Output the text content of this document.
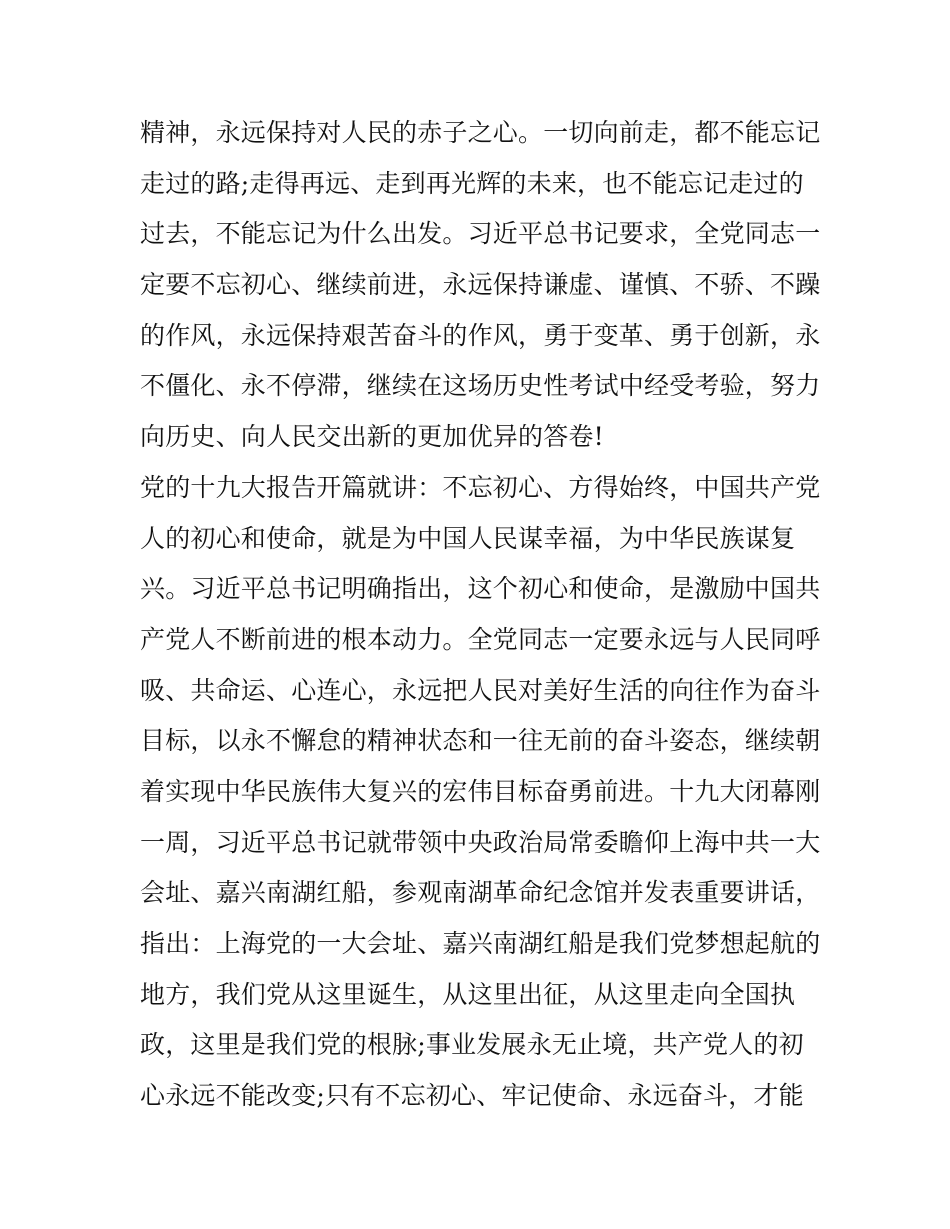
精神，永远保持对人民的赤子之心。一切向前走，都不能忘记
走过的路;走得再远、走到再光辉的未来，也不能忘记走过的
过去，不能忘记为什么出发。习近平总书记要求，全党同志一
定要不忘初心、继续前进，永远保持谦虚、谨慎、不骄、不躁
的作风，永远保持艰苦奋斗的作风，勇于变革、勇于创新，永
不僵化、永不停滞，继续在这场历史性考试中经受考验，努力
向历史、向人民交出新的更加优异的答卷!
党的十九大报告开篇就讲：不忘初心、方得始终，中国共产党
人的初心和使命，就是为中国人民谋幸福，为中华民族谋复
兴。习近平总书记明确指出，这个初心和使命，是激励中国共
产党人不断前进的根本动力。全党同志一定要永远与人民同呼
吸、共命运、心连心，永远把人民对美好生活的向往作为奋斗
目标，以永不懈怠的精神状态和一往无前的奋斗姿态，继续朝
着实现中华民族伟大复兴的宏伟目标奋勇前进。十九大闭幕刚
一周，习近平总书记就带领中央政治局常委瞻仰上海中共一大
会址、嘉兴南湖红船，参观南湖革命纪念馆并发表重要讲话，
指出：上海党的一大会址、嘉兴南湖红船是我们党梦想起航的
地方，我们党从这里诞生，从这里出征，从这里走向全国执
政，这里是我们党的根脉;事业发展永无止境，共产党人的初
心永远不能改变;只有不忘初心、牢记使命、永远奋斗，才能
